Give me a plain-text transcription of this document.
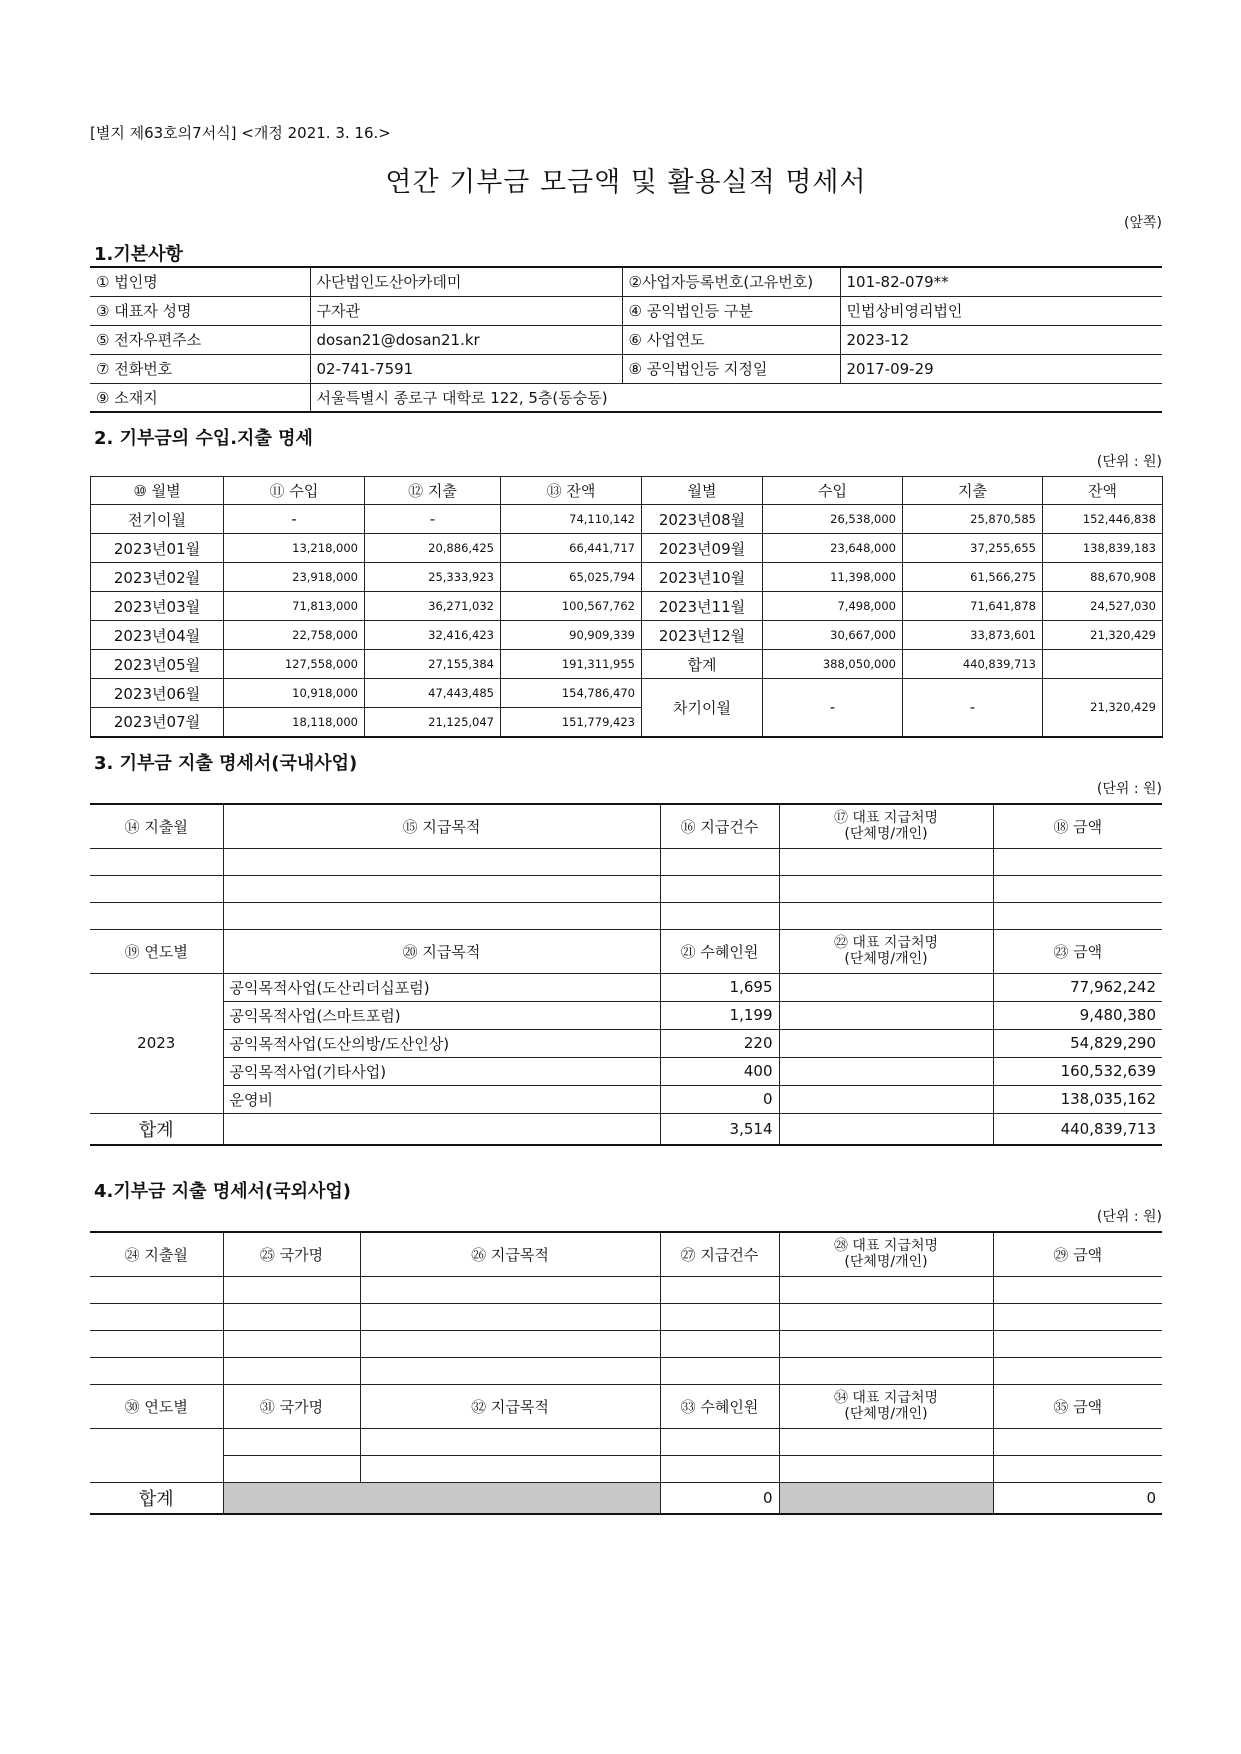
[별지 제63호의7서식] <개정 2021. 3. 16.>
연간 기부금 모금액 및 활용실적 명세서
(앞쪽)
1.기본사항
① 법인명	사단법인도산아카데미	②사업자등록번호(고유번호)	101-82-079**
③ 대표자 성명	구자관	④ 공익법인등 구분	민법상비영리법인
⑤ 전자우편주소	dosan21@dosan21.kr	⑥ 사업연도	2023-12
⑦ 전화번호	02-741-7591	⑧ 공익법인등 지정일	2017-09-29
⑨ 소재지	서울특별시 종로구 대학로 122, 5층(동숭동)		
2. 기부금의 수입.지출 명세
(단위 : 원)
⑩ 월별	⑪ 수입	⑫ 지출	⑬ 잔액	월별	수입	지출	잔액
전기이월	-	-	74,110,142	2023년08월	26,538,000	25,870,585	152,446,838
2023년01월	13,218,000	20,886,425	66,441,717	2023년09월	23,648,000	37,255,655	138,839,183
2023년02월	23,918,000	25,333,923	65,025,794	2023년10월	11,398,000	61,566,275	88,670,908
2023년03월	71,813,000	36,271,032	100,567,762	2023년11월	7,498,000	71,641,878	24,527,030
2023년04월	22,758,000	32,416,423	90,909,339	2023년12월	30,667,000	33,873,601	21,320,429
2023년05월	127,558,000	27,155,384	191,311,955	합계	388,050,000	440,839,713	
2023년06월	10,918,000	47,443,485	154,786,470	차기이월	-	-	21,320,429
2023년07월	18,118,000	21,125,047	151,779,423				
3. 기부금 지출 명세서(국내사업)
(단위 : 원)
⑭ 지출월	⑮ 지급목적	⑯ 지급건수	⑰ 대표 지급처명
(단체명/개인)	⑱ 금액

⑲ 연도별	⑳ 지급목적	㉑ 수혜인원	㉒ 대표 지급처명
(단체명/개인)	㉓ 금액
2023	공익목적사업(도산리더십포럼)	1,695		77,962,242
	공익목적사업(스마트포럼)	1,199		9,480,380
	공익목적사업(도산의방/도산인상)	220		54,829,290
	공익목적사업(기타사업)	400		160,532,639
	운영비	0		138,035,162
합계		3,514		440,839,713
4.기부금 지출 명세서(국외사업)
(단위 : 원)
㉔ 지출월	㉕ 국가명	㉖ 지급목적	㉗ 지급건수	㉘ 대표 지급처명
(단체명/개인)	㉙ 금액

㉚ 연도별	㉛ 국가명	㉜ 지급목적	㉝ 수혜인원	㉞ 대표 지급처명
(단체명/개인)	㉟ 금액

합계			0		0
